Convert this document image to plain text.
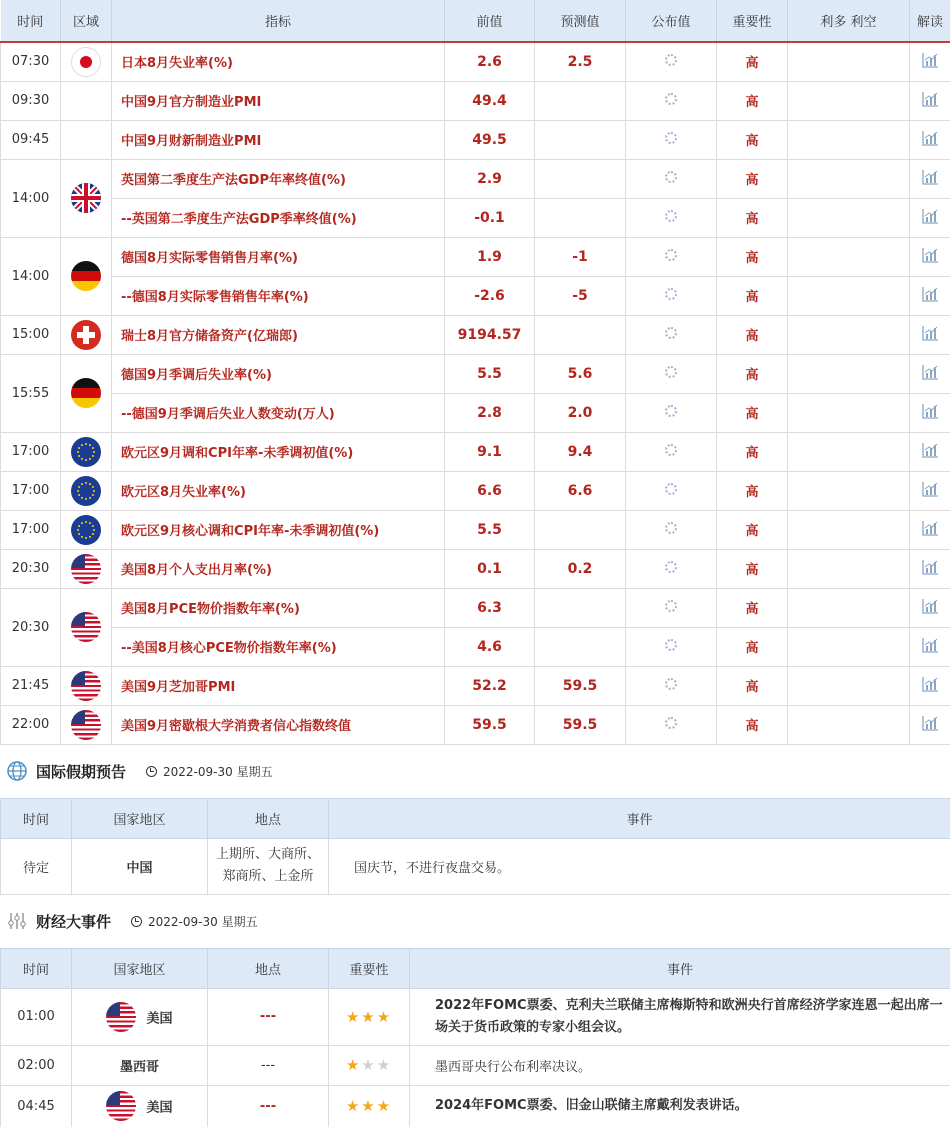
时间	区域	指标	前值	预测值	公布值	重要性	利多 利空	解读
07:30		日本8月失业率(%)	2.6	2.5		高		
09:30		中国9月官方制造业PMI	49.4			高		
09:45		中国9月财新制造业PMI	49.5			高		
14:00		英国第二季度生产法GDP年率终值(%)	2.9			高		
		--英国第二季度生产法GDP季率终值(%)	-0.1			高		
14:00		德国8月实际零售销售月率(%)	1.9	-1		高		
		--德国8月实际零售销售年率(%)	-2.6	-5		高		
15:00		瑞士8月官方储备资产(亿瑞郎)	9194.57			高		
15:55		德国9月季调后失业率(%)	5.5	5.6		高		
		--德国9月季调后失业人数变动(万人)	2.8	2.0		高		
17:00		欧元区9月调和CPI年率-未季调初值(%)	9.1	9.4		高		
17:00		欧元区8月失业率(%)	6.6	6.6		高		
17:00		欧元区9月核心调和CPI年率-未季调初值(%)	5.5			高		
20:30		美国8月个人支出月率(%)	0.1	0.2		高		
20:30		美国8月PCE物价指数年率(%)	6.3			高		
		--美国8月核心PCE物价指数年率(%)	4.6			高		
21:45		美国9月芝加哥PMI	52.2	59.5		高		
22:00		美国9月密歇根大学消费者信心指数终值	59.5	59.5		高		
国际假期预告	2022-09-30 星期五
时间	国家地区	地点	事件
待定	中国	上期所、大商所、郑商所、上金所	国庆节，不进行夜盘交易。
财经大事件	2022-09-30 星期五
时间	国家地区	地点	重要性	事件
01:00	美国	---	★★★	2022年FOMC票委、克利夫兰联储主席梅斯特和欧洲央行首席经济学家连恩一起出席一场关于货币政策的专家小组会议。
02:00	墨西哥	---	★★★	墨西哥央行公布利率决议。
04:45	美国	---	★★★	2024年FOMC票委、旧金山联储主席戴利发表讲话。
